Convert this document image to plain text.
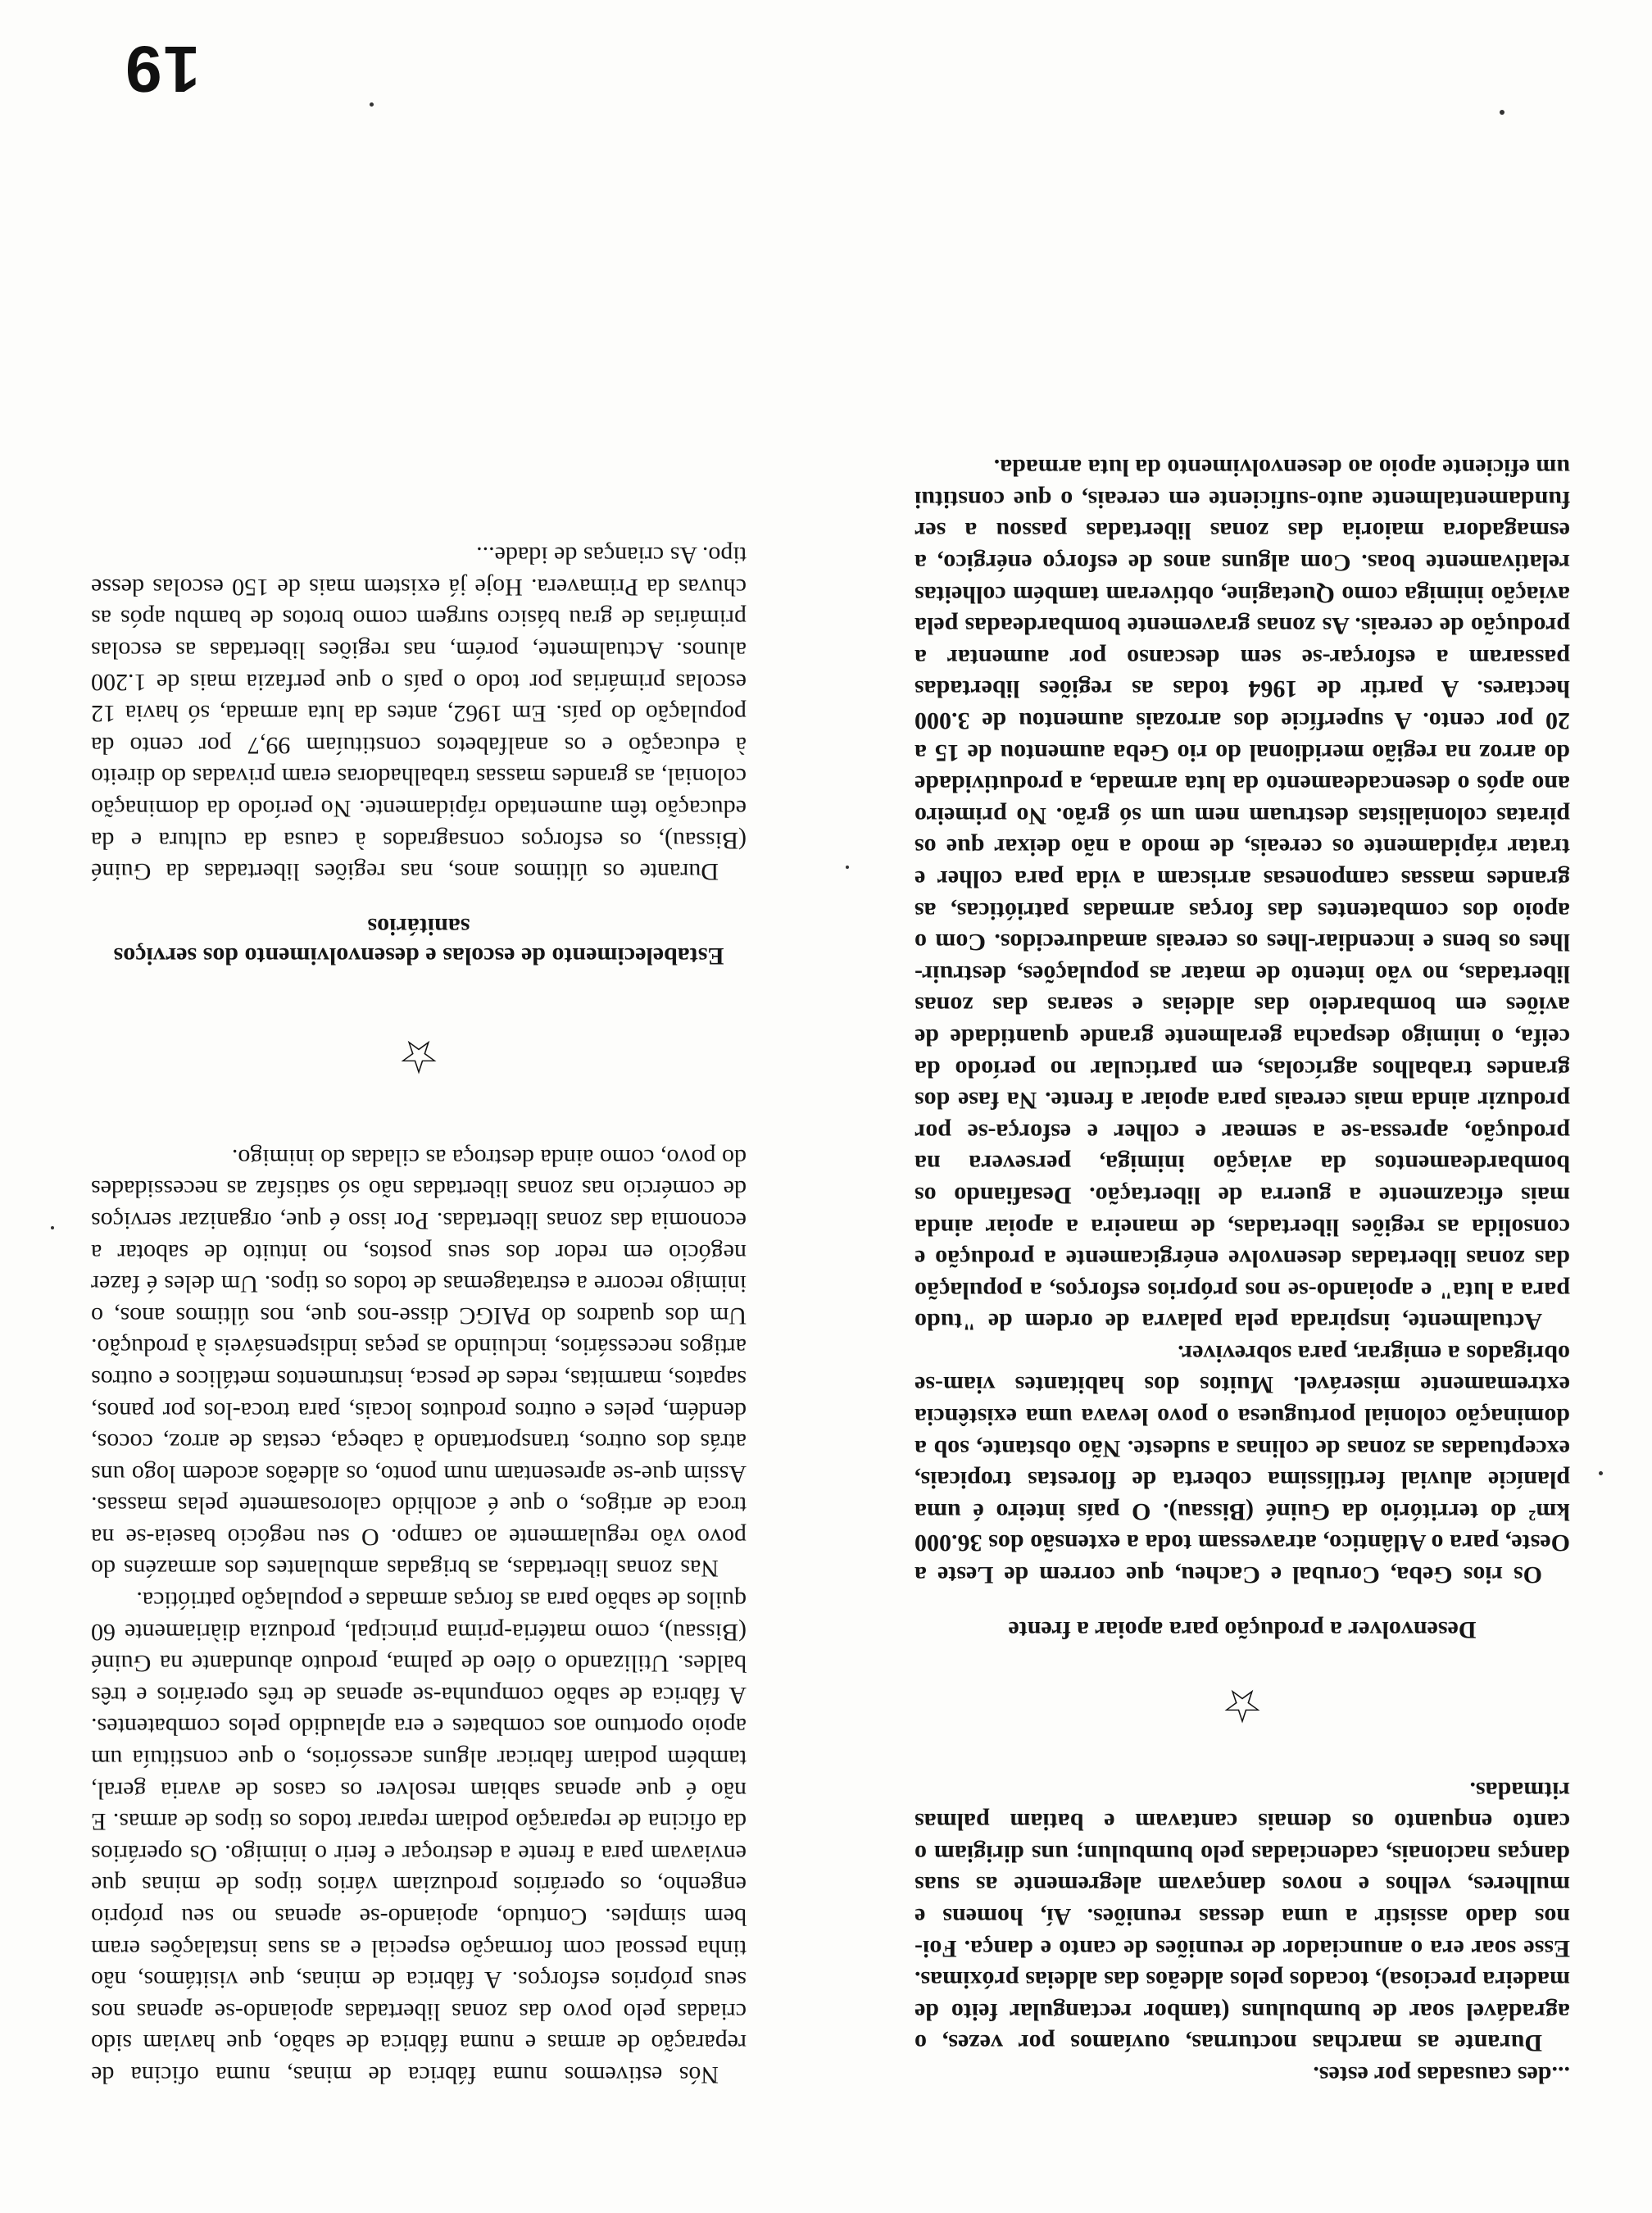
19

...des causadas por estes.

Durante as marchas nocturnas, ouvíamos por vezes, o agradável soar de bumbuluns (tambor rectangular feito de madeira preciosa), tocados pelos aldeãos das aldeias próximas. Esse soar era o anunciador de reuniões de canto e dança. Foi-nos dado assistir a uma dessas reuniões. Aí, homens e mulheres, velhos e novos dançavam alegremente as suas danças nacionais, cadenciadas pelo bumbulun; uns dirigiam o canto enquanto os demais cantavam e batiam palmas ritmadas.

☆

Desenvolver a produção para apoiar a frente

Os rios Geba, Corubal e Cacheu, que correm de Leste a Oeste, para o Atlântico, atravessam toda a extensão dos 36.000 km² do território da Guiné (Bissau). O país inteiro é uma planície aluvial fertilíssima coberta de florestas tropicais, exceptuadas as zonas de colinas a sudeste. Não obstante, sob a dominação colonial portuguesa o povo levava uma existência extremamente miserável. Muitos dos habitantes viam-se obrigados a emigrar, para sobreviver.

Actualmente, inspirada pela palavra de ordem de "tudo para a luta" e apoiando-se nos próprios esforços, a população das zonas libertadas desenvolve enérgicamente a produção e consolida as regiões libertadas, de maneira a apoiar ainda mais eficazmente a guerra de libertação. Desafiando os bombardeamentos da aviação inimiga, persevera na produção, apressa-se a semear e colher e esforça-se por produzir ainda mais cereais para apoiar a frente. Na fase dos grandes trabalhos agrícolas, em particular no período da ceifa, o inimigo despacha geralmente grande quantidade de aviões em bombardeio das aldeias e searas das zonas libertadas, no vão intento de matar as populações, destruir-lhes os bens e incendiar-lhes os cereais amadurecidos. Com o apoio dos combatentes das forças armadas patrióticas, as grandes massas camponesas arriscam a vida para colher e tratar rápidamente os cereais, de modo a não deixar que os piratas colonialistas destruam nem um só grão. No primeiro ano após o desencadeamento da luta armada, a produtividade do arroz na região meridional do rio Geba aumentou de 15 a 20 por cento. A superfície dos arrozais aumentou de 3.000 hectares. A partir de 1964 todas as regiões libertadas passaram a esforçar-se sem descanso por aumentar a produção de cereais. As zonas gravemente bombardeadas pela aviação inimiga como Quetagine, obtiveram também colheitas relativamente boas. Com alguns anos de esforço enérgico, a esmagadora maioria das zonas libertadas passou a ser fundamentalmente auto-suficiente em cereais, o que constitui um eficiente apoio ao desenvolvimento da luta armada.

Nós estivemos numa fábrica de minas, numa oficina de reparação de armas e numa fábrica de sabão, que haviam sido criadas pelo povo das zonas libertadas apoiando-se apenas nos seus próprios esforços. A fábrica de minas, que visitámos, não tinha pessoal com formação especial e as suas instalações eram bem simples. Contudo, apoiando-se apenas no seu próprio engenho, os operários produziam vários tipos de minas que enviavam para a frente a destroçar e ferir o inimigo. Os operários da oficina de reparação podiam reparar todos os tipos de armas. E não é que apenas sabiam resolver os casos de avaria geral, também podiam fabricar alguns acessórios, o que constituía um apoio oportuno aos combates e era aplaudido pelos combatentes. A fábrica de sabão compunha-se apenas de três operários e três baldes. Utilizando o óleo de palma, produto abundante na Guiné (Bissau), como matéria-prima principal, produzia diàriamente 60 quilos de sabão para as forças armadas e população patriótica.

Nas zonas libertadas, as brigadas ambulantes dos armazéns do povo vão regularmente ao campo. O seu negócio baseia-se na troca de artigos, o que é acolhido calorosamente pelas massas. Assim que-se apresentam num ponto, os aldeãos acodem logo uns atrás dos outros, transportando à cabeça, cestas de arroz, cocos, dendém, peles e outros produtos locais, para troca-los por panos, sapatos, marmitas, redes de pesca, instrumentos metálicos e outros artigos necessários, incluindo as peças indispensáveis à produção. Um dos quadros do PAIGC disse-nos que, nos últimos anos, o inimigo recorre a estratagemas de todos os tipos. Um deles é fazer negócio em redor dos seus postos, no intuito de sabotar a economia das zonas libertadas. Por isso é que, organizar serviços de comércio nas zonas libertadas não só satisfaz as necessidades do povo, como ainda destroça as ciladas do inimigo.

☆

Estabelecimento de escolas e desenvolvimento dos serviços sanitários

Durante os últimos anos, nas regiões libertadas da Guiné (Bissau), os esforços consagrados à causa da cultura e da educação têm aumentado rápidamente. No período da dominação colonial, as grandes massas trabalhadoras eram privadas do direito à educação e os analfabetos constituíam 99,7 por cento da população do país. Em 1962, antes da luta armada, só havia 12 escolas primárias por todo o país o que perfazia mais de 1.200 alunos. Actualmente, porém, nas regiões libertadas as escolas primárias de grau básico surgem como brotos de bambu após as chuvas da Primavera. Hoje já existem mais de 150 escolas desse tipo. As crianças de idade...
